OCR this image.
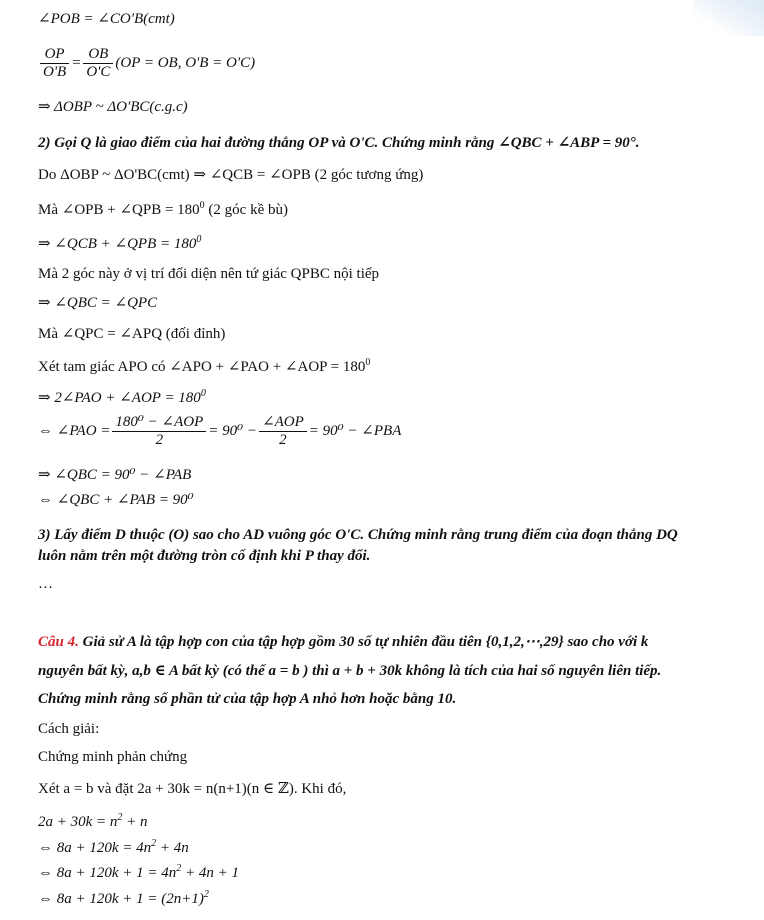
∠POB = ∠CO'B(cmt)
$\frac{OP}{O'B} = \frac{OB}{O'C} (OP$ = OB, O'B = O'C)
⇒ ΔOBP ~ ΔO'BC(c.g.c)
2) Gọi Q là giao điểm của hai đường thẳng OP và O'C. Chứng minh rằng ∠QBC + ∠ABP = 90°.
Do ΔOBP ~ ΔO'BC(cmt) ⇒ ∠QCB = ∠OPB (2 góc tương ứng)
Mà ∠OPB + ∠QPB = $180^0$ (2 góc kề bù)
⇒ ∠QCB + ∠QPB = $180^0$
Mà 2 góc này ở vị trí đối diện nên tứ giác QPBC nội tiếp
⇒ ∠QBC = ∠QPC
Mà ∠QPC = ∠APQ (đối đỉnh)
Xét tam giác APO có ∠APO + ∠PAO + ∠AOP = $180^0$
⇒ 2∠PAO + ∠AOP = $180^0$
⇔ ∠PAO = $\frac{\text{180⁰ − ∠AOP}}{2} = 90^0 - \frac{\text{∠AOP}}{2} = 90^0$ − ∠PBA
⇒ ∠QBC = 90⁰ − ∠PAB
⇔ ∠QBC + ∠PAB = 90⁰
3) Lấy điểm D thuộc (O) sao cho AD vuông góc O'C. Chứng minh rằng trung điểm của đoạn thẳng DQ
luôn nằm trên một đường tròn cố định khi P thay đổi.
…
Câu 4. Giả sử A là tập hợp con của tập hợp gồm 30 số tự nhiên đầu tiên {0,1,2,⋯,29} sao cho với k
nguyên bất kỳ, a,b ∈ A bất kỳ (có thể a = b ) thì a + b + 30k không là tích của hai số nguyên liên tiếp.
Chứng minh rằng số phần tử của tập hợp A nhỏ hơn hoặc bằng 10.
Cách giải:
Chứng minh phản chứng
Xét a = b và đặt 2a + 30k = n(n+1)(n ∈ ℤ). Khi đó,
$2a + 30k = n^2 + n$
⇔ $8a + 120k = 4n^2 + 4n$
⇔ $8a + 120k + 1 = 4n^2 + 4n + 1$
⇔ $8a + 120k + 1 = (2n+1)^2$
